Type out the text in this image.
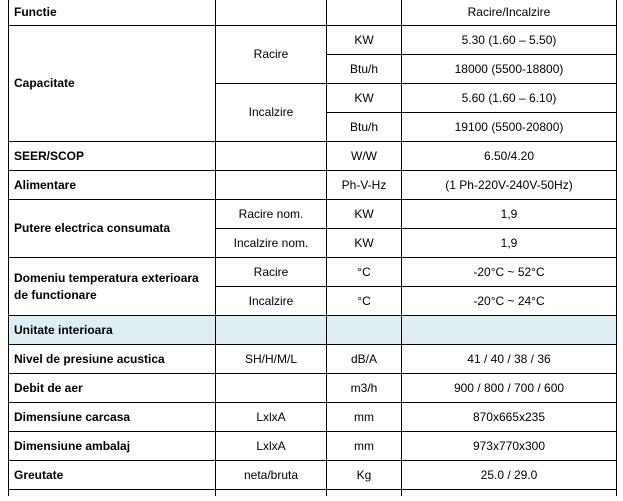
Functie			Racire/Incalzire
Capacitate	Racire	KW	5.30 (1.60 – 5.50)
		Btu/h	18000 (5500-18800)
	Incalzire	KW	5.60 (1.60 – 6.10)
		Btu/h	19100 (5500-20800)
SEER/SCOP		W/W	6.50/4.20
Alimentare		Ph-V-Hz	(1 Ph-220V-240V-50Hz)
Putere electrica consumata	Racire nom.	KW	1,9
	Incalzire nom.	KW	1,9
Domeniu temperatura exterioara de functionare	Racire	°C	-20°C ~ 52°C
	Incalzire	°C	-20°C ~ 24°C
Unitate interioara			
Nivel de presiune acustica	SH/H/M/L	dB/A	41 / 40 / 38 / 36
Debit de aer		m3/h	900 / 800 / 700 / 600
Dimensiune carcasa	LxlxA	mm	870x665x235
Dimensiune ambalaj	LxlxA	mm	973x770x300
Greutate	neta/bruta	Kg	25.0 / 29.0
